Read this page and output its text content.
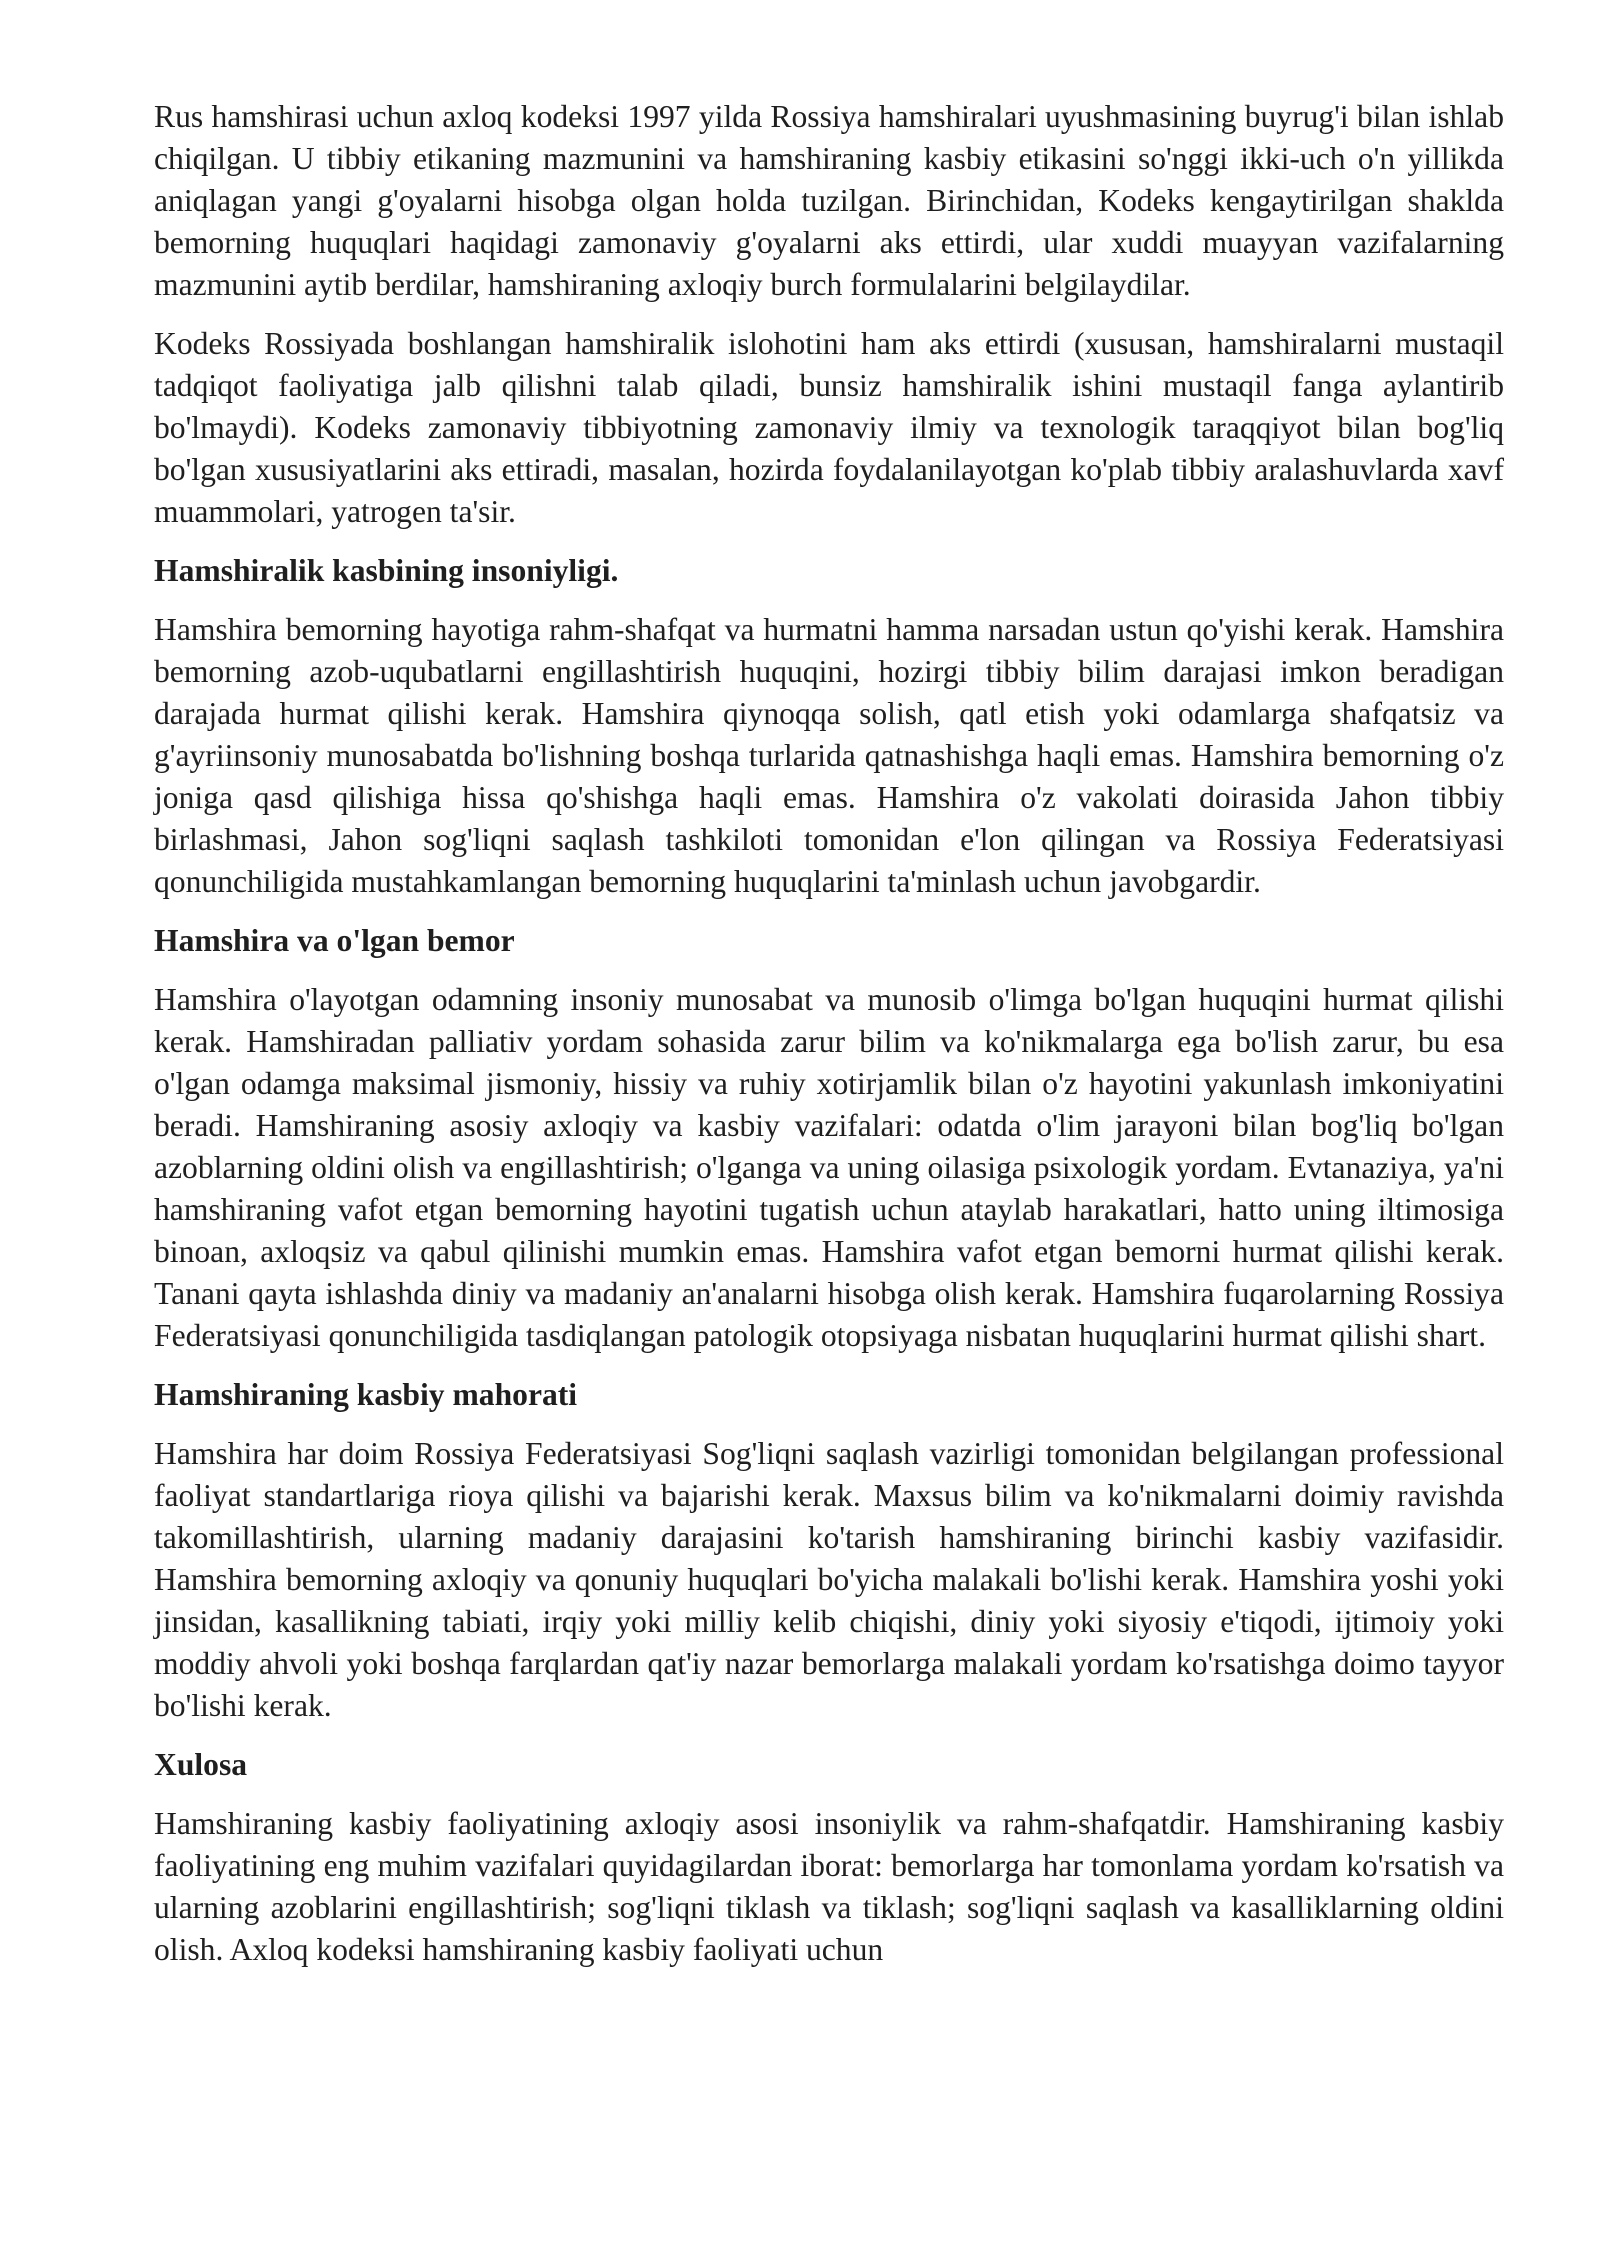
Rus hamshirasi uchun axloq kodeksi 1997 yilda Rossiya hamshiralari uyushmasining buyrug'i bilan ishlab chiqilgan. U tibbiy etikaning mazmunini va hamshiraning kasbiy etikasini so'nggi ikki-uch o'n yillikda aniqlagan yangi g'oyalarni hisobga olgan holda tuzilgan. Birinchidan, Kodeks kengaytirilgan shaklda bemorning huquqlari haqidagi zamonaviy g'oyalarni aks ettirdi, ular xuddi muayyan vazifalarning mazmunini aytib berdilar, hamshiraning axloqiy burch formulalarini belgilaydilar.

Kodeks Rossiyada boshlangan hamshiralik islohotini ham aks ettirdi (xususan, hamshiralarni mustaqil tadqiqot faoliyatiga jalb qilishni talab qiladi, bunsiz hamshiralik ishini mustaqil fanga aylantirib bo'lmaydi). Kodeks zamonaviy tibbiyotning zamonaviy ilmiy va texnologik taraqqiyot bilan bog'liq bo'lgan xususiyatlarini aks ettiradi, masalan, hozirda foydalanilayotgan ko'plab tibbiy aralashuvlarda xavf muammolari, yatrogen ta'sir.

Hamshiralik kasbining insoniyligi.

Hamshira bemorning hayotiga rahm-shafqat va hurmatni hamma narsadan ustun qo'yishi kerak. Hamshira bemorning azob-uqubatlarni engillashtirish huquqini, hozirgi tibbiy bilim darajasi imkon beradigan darajada hurmat qilishi kerak. Hamshira qiynoqqa solish, qatl etish yoki odamlarga shafqatsiz va g'ayriinsoniy munosabatda bo'lishning boshqa turlarida qatnashishga haqli emas. Hamshira bemorning o'z joniga qasd qilishiga hissa qo'shishga haqli emas. Hamshira o'z vakolati doirasida Jahon tibbiy birlashmasi, Jahon sog'liqni saqlash tashkiloti tomonidan e'lon qilingan va Rossiya Federatsiyasi qonunchiligida mustahkamlangan bemorning huquqlarini ta'minlash uchun javobgardir.

Hamshira va o'lgan bemor

Hamshira o'layotgan odamning insoniy munosabat va munosib o'limga bo'lgan huquqini hurmat qilishi kerak. Hamshiradan palliativ yordam sohasida zarur bilim va ko'nikmalarga ega bo'lish zarur, bu esa o'lgan odamga maksimal jismoniy, hissiy va ruhiy xotirjamlik bilan o'z hayotini yakunlash imkoniyatini beradi. Hamshiraning asosiy axloqiy va kasbiy vazifalari: odatda o'lim jarayoni bilan bog'liq bo'lgan azoblarning oldini olish va engillashtirish; o'lganga va uning oilasiga psixologik yordam. Evtanaziya, ya'ni hamshiraning vafot etgan bemorning hayotini tugatish uchun ataylab harakatlari, hatto uning iltimosiga binoan, axloqsiz va qabul qilinishi mumkin emas. Hamshira vafot etgan bemorni hurmat qilishi kerak. Tanani qayta ishlashda diniy va madaniy an'analarni hisobga olish kerak. Hamshira fuqarolarning Rossiya Federatsiyasi qonunchiligida tasdiqlangan patologik otopsiyaga nisbatan huquqlarini hurmat qilishi shart.

Hamshiraning kasbiy mahorati

Hamshira har doim Rossiya Federatsiyasi Sog'liqni saqlash vazirligi tomonidan belgilangan professional faoliyat standartlariga rioya qilishi va bajarishi kerak. Maxsus bilim va ko'nikmalarni doimiy ravishda takomillashtirish, ularning madaniy darajasini ko'tarish hamshiraning birinchi kasbiy vazifasidir. Hamshira bemorning axloqiy va qonuniy huquqlari bo'yicha malakali bo'lishi kerak. Hamshira yoshi yoki jinsidan, kasallikning tabiati, irqiy yoki milliy kelib chiqishi, diniy yoki siyosiy e'tiqodi, ijtimoiy yoki moddiy ahvoli yoki boshqa farqlardan qat'iy nazar bemorlarga malakali yordam ko'rsatishga doimo tayyor bo'lishi kerak.

Xulosa

Hamshiraning kasbiy faoliyatining axloqiy asosi insoniylik va rahm-shafqatdir. Hamshiraning kasbiy faoliyatining eng muhim vazifalari quyidagilardan iborat: bemorlarga har tomonlama yordam ko'rsatish va ularning azoblarini engillashtirish; sog'liqni tiklash va tiklash; sog'liqni saqlash va kasalliklarning oldini olish. Axloq kodeksi hamshiraning kasbiy faoliyati uchun
